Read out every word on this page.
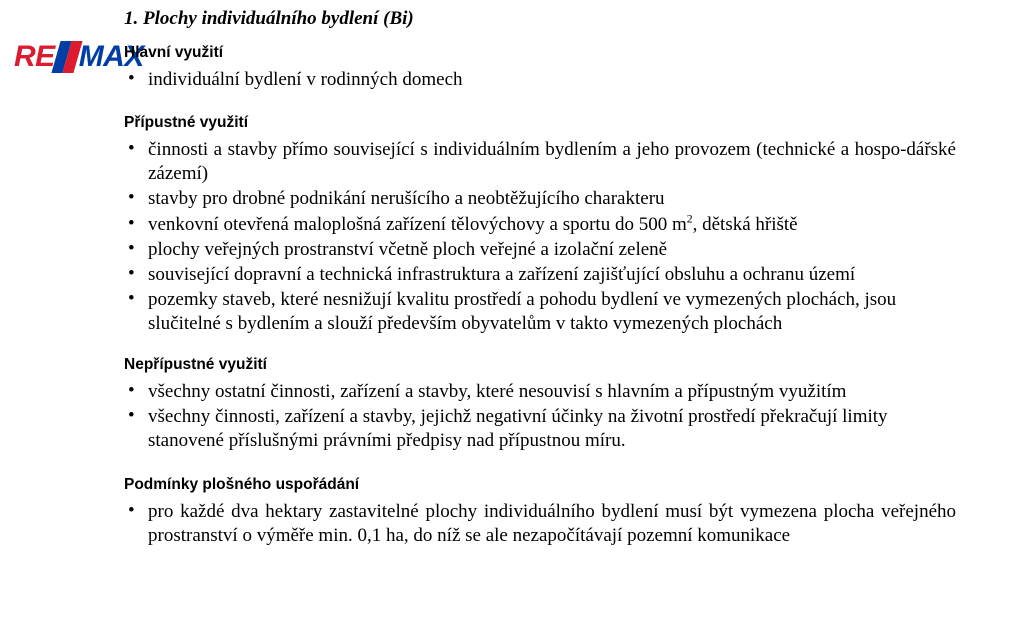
RE MAX
1. Plochy individuálního bydlení (Bi)
Hlavní využití
• individuální bydlení v rodinných domech
Přípustné využití
• činnosti a stavby přímo související s individuálním bydlením a jeho provozem (technické a hospo-dářské zázemí)
• stavby pro drobné podnikání nerušícího a neobtěžujícího charakteru
• venkovní otevřená maloplošná zařízení tělovýchovy a sportu do 500 $m^2$, dětská hřiště
• plochy veřejných prostranství včetně ploch veřejné a izolační zeleně
• související dopravní a technická infrastruktura a zařízení zajišťující obsluhu a ochranu území
• pozemky staveb, které nesnižují kvalitu prostředí a pohodu bydlení ve vymezených plochách, jsou slučitelné s bydlením a slouží především obyvatelům v takto vymezených plochách
Nepřípustné využití
• všechny ostatní činnosti, zařízení a stavby, které nesouvisí s hlavním a přípustným využitím
• všechny činnosti, zařízení a stavby, jejichž negativní účinky na životní prostředí překračují limity stanovené příslušnými právními předpisy nad přípustnou míru.
Podmínky plošného uspořádání
• pro každé dva hektary zastavitelné plochy individuálního bydlení musí být vymezena plocha veřejného prostranství o výměře min. 0,1 ha, do níž se ale nezapočítávají pozemní komunikace
